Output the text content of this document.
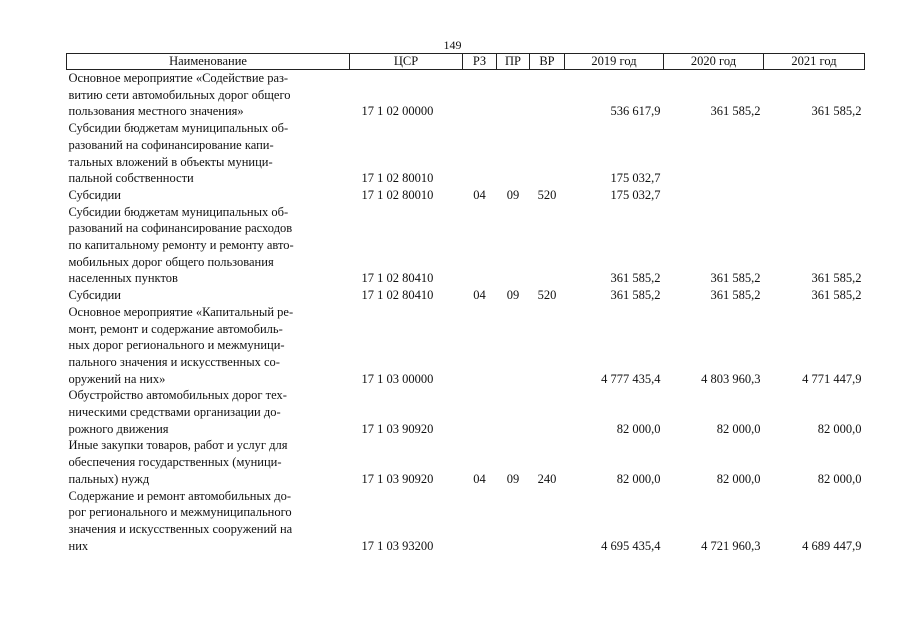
149
Наименование	ЦСР	РЗ	ПР	ВР	2019 год	2020 год	2021 год

Основное мероприятие «Содействие раз-
витию сети автомобильных дорог общего
пользования местного значения»	17 1 02 00000				536 617,9	361 585,2	361 585,2

Субсидии бюджетам муниципальных об-
разований на софинансирование капи-
тальных вложений в объекты муници-
пальной собственности	17 1 02 80010				175 032,7		

Субсидии	17 1 02 80010	04	09	520	175 032,7		

Субсидии бюджетам муниципальных об-
разований на софинансирование расходов
по капитальному ремонту и ремонту авто-
мобильных дорог общего пользования
населенных пунктов	17 1 02 80410				361 585,2	361 585,2	361 585,2

Субсидии	17 1 02 80410	04	09	520	361 585,2	361 585,2	361 585,2

Основное мероприятие «Капитальный ре-
монт, ремонт и содержание автомобиль-
ных дорог регионального и межмуници-
пального значения и искусственных со-
оружений на них»	17 1 03 00000				4 777 435,4	4 803 960,3	4 771 447,9

Обустройство автомобильных дорог тех-
ническими средствами организации до-
рожного движения	17 1 03 90920				82 000,0	82 000,0	82 000,0

Иные закупки товаров, работ и услуг для
обеспечения государственных (муници-
пальных) нужд	17 1 03 90920	04	09	240	82 000,0	82 000,0	82 000,0

Содержание и ремонт автомобильных до-
рог регионального и межмуниципального
значения и искусственных сооружений на
них	17 1 03 93200				4 695 435,4	4 721 960,3	4 689 447,9
